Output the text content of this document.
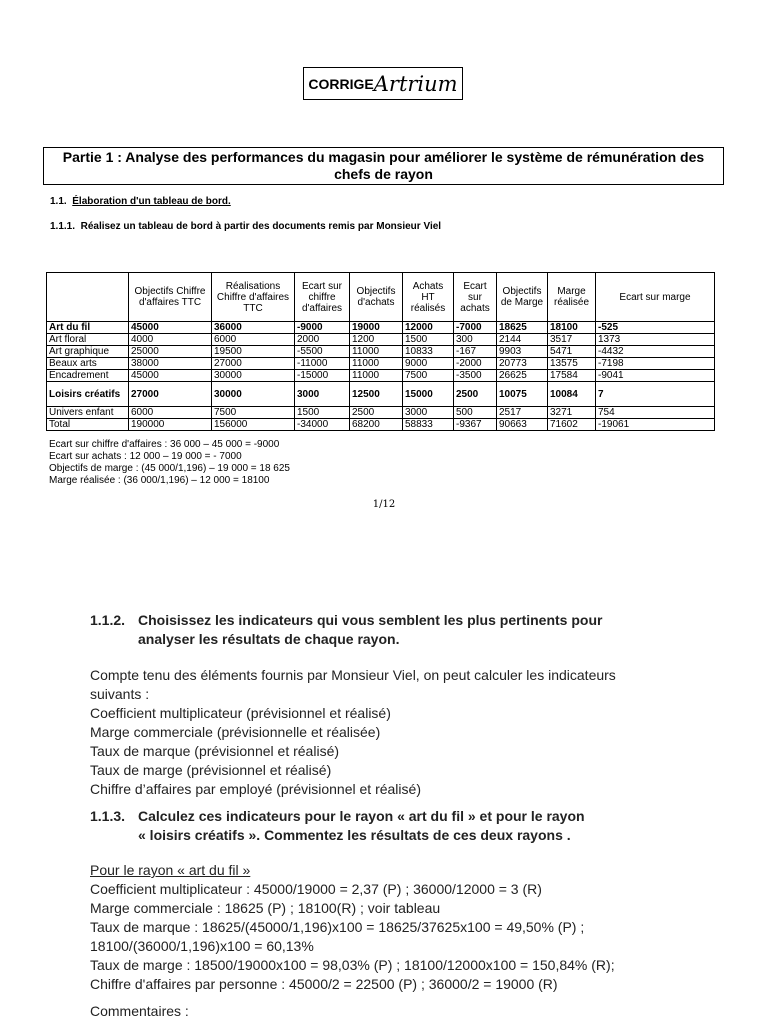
CORRIGE Artrium
Partie 1 : Analyse des performances du magasin pour améliorer le système de rémunération des chefs de rayon
1.1. Élaboration d'un tableau de bord.
1.1.1. Réalisez un tableau de bord à partir des documents remis par Monsieur Viel
	Objectifs Chiffre d'affaires TTC	Réalisations Chiffre d'affaires TTC	Ecart sur chiffre d'affaires	Objectifs d'achats	Achats HT réalisés	Ecart sur achats	Objectifs de Marge	Marge réalisée	Ecart sur marge
Art du fil	45000	36000	-9000	19000	12000	-7000	18625	18100	-525
Art floral	4000	6000	2000	1200	1500	300	2144	3517	1373
Art graphique	25000	19500	-5500	11000	10833	-167	9903	5471	-4432
Beaux arts	38000	27000	-11000	11000	9000	-2000	20773	13575	-7198
Encadrement	45000	30000	-15000	11000	7500	-3500	26625	17584	-9041
Loisirs créatifs	27000	30000	3000	12500	15000	2500	10075	10084	7
Univers enfant	6000	7500	1500	2500	3000	500	2517	3271	754
Total	190000	156000	-34000	68200	58833	-9367	90663	71602	-19061
Ecart sur chiffre d'affaires : 36 000 – 45 000 = -9000
Ecart sur achats : 12 000 – 19 000 = - 7000
Objectifs de marge : (45 000/1,196) – 19 000 = 18 625
Marge réalisée : (36 000/1,196) – 12 000 = 18100
1/12
1.1.2. Choisissez les indicateurs qui vous semblent les plus pertinents pour
analyser les résultats de chaque rayon.
Compte tenu des éléments fournis par Monsieur Viel, on peut calculer les indicateurs
suivants :
Coefficient multiplicateur (prévisionnel et réalisé)
Marge commerciale (prévisionnelle et réalisée)
Taux de marque (prévisionnel et réalisé)
Taux de marge (prévisionnel et réalisé)
Chiffre d’affaires par employé (prévisionnel et réalisé)
1.1.3. Calculez ces indicateurs pour le rayon « art du fil » et pour le rayon
« loisirs créatifs ». Commentez les résultats de ces deux rayons .
Pour le rayon « art du fil »
Coefficient multiplicateur : 45000/19000 = 2,37 (P) ; 36000/12000 = 3 (R)
Marge commerciale : 18625 (P) ; 18100(R) ; voir tableau
Taux de marque : 18625/(45000/1,196)x100 = 18625/37625x100 = 49,50% (P) ;
18100/(36000/1,196)x100 = 60,13%
Taux de marge : 18500/19000x100 = 98,03% (P) ; 18100/12000x100 = 150,84% (R);
Chiffre d'affaires par personne : 45000/2 = 22500 (P) ; 36000/2 = 19000 (R)
Commentaires :
